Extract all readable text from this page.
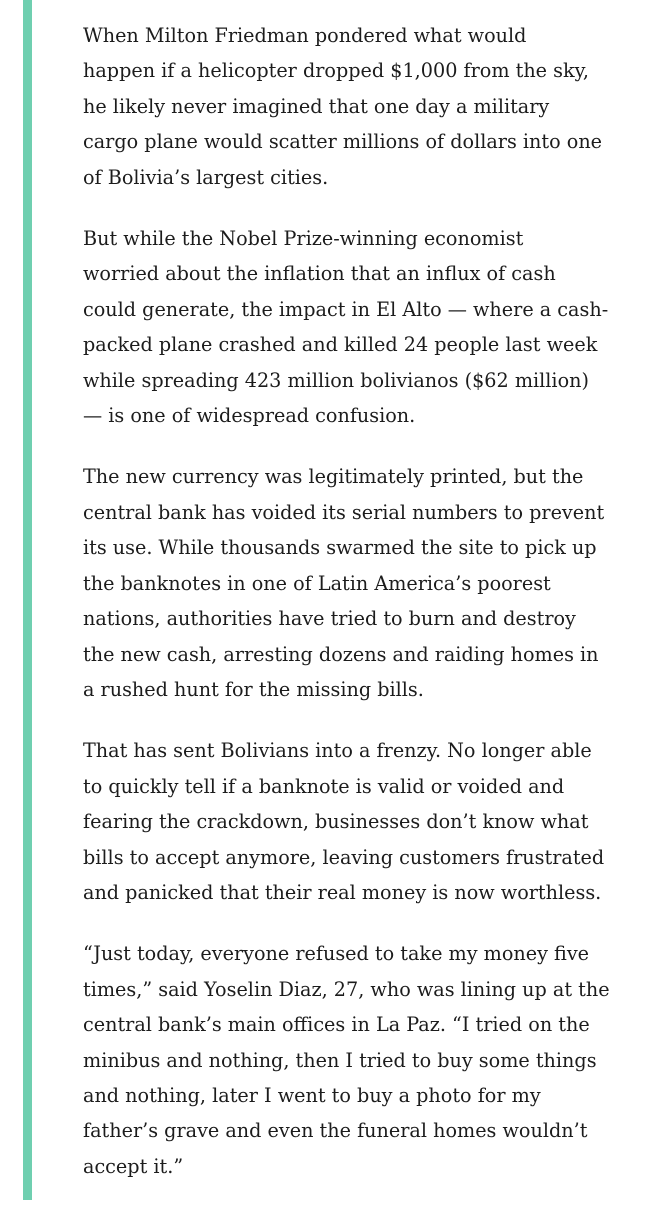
When Milton Friedman pondered what would
happen if a helicopter dropped $1,000 from the sky,
he likely never imagined that one day a military
cargo plane would scatter millions of dollars into one
of Bolivia’s largest cities.

But while the Nobel Prize-winning economist
worried about the inflation that an influx of cash
could generate, the impact in El Alto — where a cash-
packed plane crashed and killed 24 people last week
while spreading 423 million bolivianos ($62 million)
— is one of widespread confusion.

The new currency was legitimately printed, but the
central bank has voided its serial numbers to prevent
its use. While thousands swarmed the site to pick up
the banknotes in one of Latin America’s poorest
nations, authorities have tried to burn and destroy
the new cash, arresting dozens and raiding homes in
a rushed hunt for the missing bills.

That has sent Bolivians into a frenzy. No longer able
to quickly tell if a banknote is valid or voided and
fearing the crackdown, businesses don’t know what
bills to accept anymore, leaving customers frustrated
and panicked that their real money is now worthless.

“Just today, everyone refused to take my money five
times,” said Yoselin Diaz, 27, who was lining up at the
central bank’s main offices in La Paz. “I tried on the
minibus and nothing, then I tried to buy some things
and nothing, later I went to buy a photo for my
father’s grave and even the funeral homes wouldn’t
accept it.”
